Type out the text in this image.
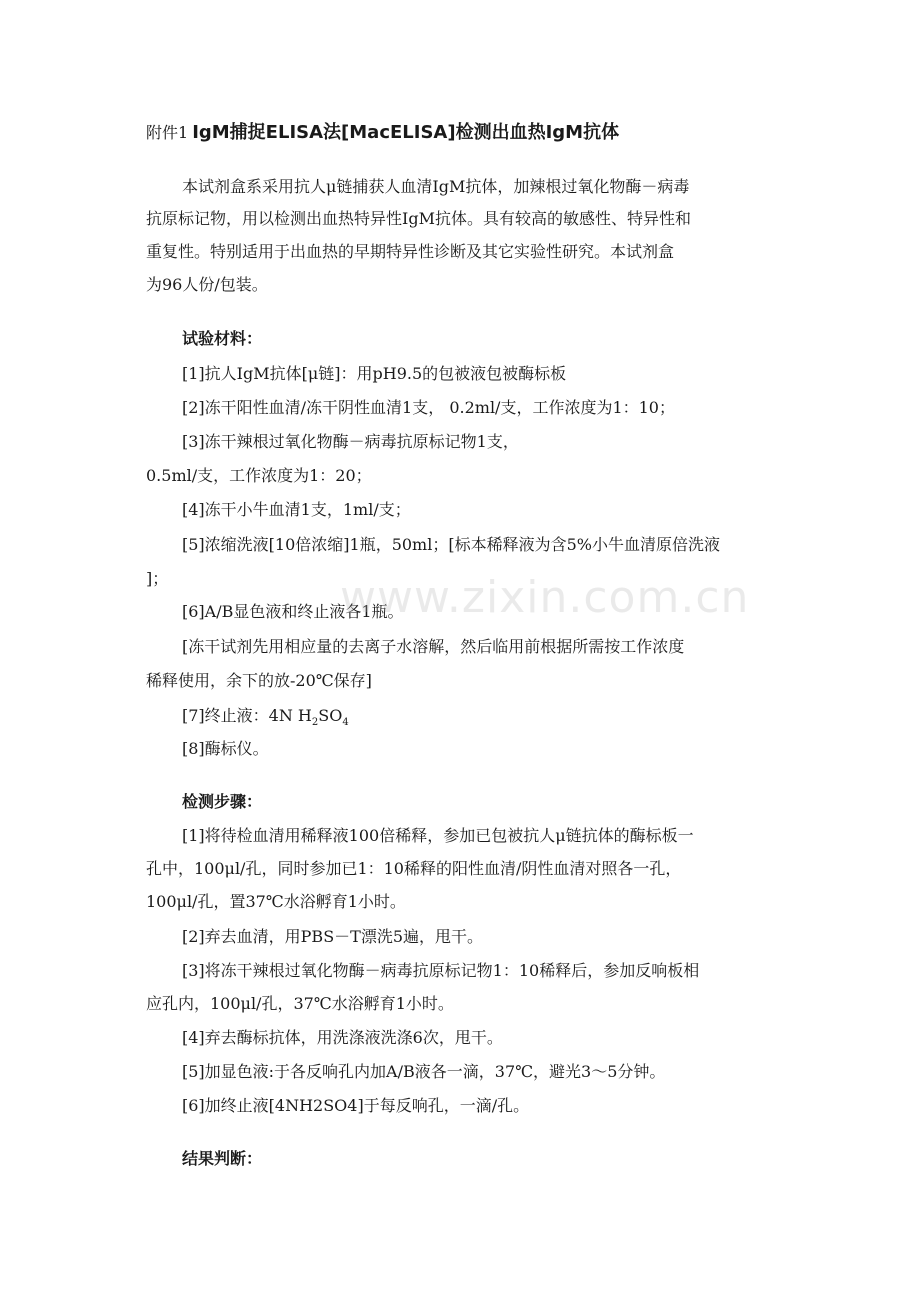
附件1 IgM捕捉ELISA法[MacELISA]检测出血热IgM抗体
本试剂盒系采用抗人μ链捕获人血清IgM抗体，加辣根过氧化物酶－病毒
抗原标记物，用以检测出血热特异性IgM抗体。具有较高的敏感性、特异性和
重复性。特别适用于出血热的早期特异性诊断及其它实验性研究。本试剂盒
为96人份/包装。
试验材料：
[1]抗人IgM抗体[μ链]：用pH9.5的包被液包被酶标板
[2]冻干阳性血清/冻干阴性血清1支， 0.2ml/支，工作浓度为1：10；
[3]冻干辣根过氧化物酶－病毒抗原标记物1支，
0.5ml/支，工作浓度为1：20；
[4]冻干小牛血清1支，1ml/支；
[5]浓缩洗液[10倍浓缩]1瓶，50ml；[标本稀释液为含5%小牛血清原倍洗液
]；
[6]A/B显色液和终止液各1瓶。
[冻干试剂先用相应量的去离子水溶解，然后临用前根据所需按工作浓度
稀释使用，余下的放-20℃保存]
[7]终止液：4N $H_2SO_4$
[8]酶标仪。
检测步骤：
[1]将待检血清用稀释液100倍稀释，参加已包被抗人μ链抗体的酶标板一
孔中，100μl/孔，同时参加已1：10稀释的阳性血清/阴性血清对照各一孔，
100μl/孔，置37℃水浴孵育1小时。
[2]弃去血清，用PBS－T漂洗5遍，甩干。
[3]将冻干辣根过氧化物酶－病毒抗原标记物1：10稀释后，参加反响板相
应孔内，100μl/孔，37℃水浴孵育1小时。
[4]弃去酶标抗体，用洗涤液洗涤6次，甩干。
[5]加显色液:于各反响孔内加A/B液各一滴，37℃，避光3～5分钟。
[6]加终止液[4NH2SO4]于每反响孔，一滴/孔。
结果判断：
www.zixin.com.cn
